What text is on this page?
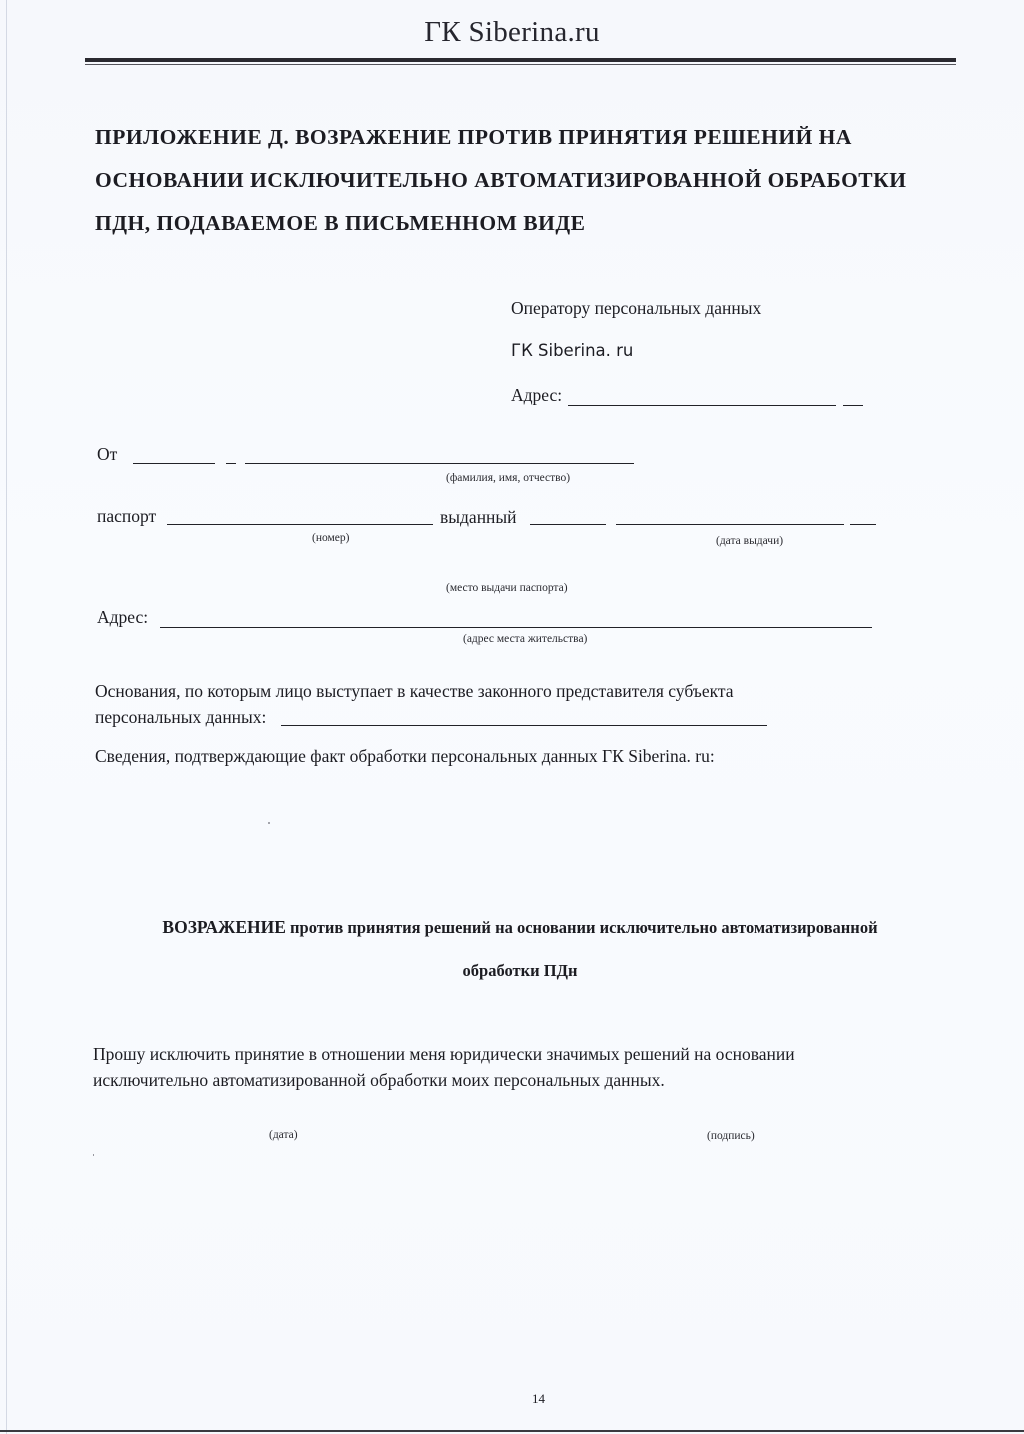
ГК Siberina.ru
ПРИЛОЖЕНИЕ Д. ВОЗРАЖЕНИЕ ПРОТИВ ПРИНЯТИЯ РЕШЕНИЙ НА
ОСНОВАНИИ ИСКЛЮЧИТЕЛЬНО АВТОМАТИЗИРОВАННОЙ ОБРАБОТКИ
ПДН, ПОДАВАЕМОЕ В ПИСЬМЕННОМ ВИДЕ
Оператору персональных данных
ГК Siberina. ru
Адрес:
От
(фамилия, имя, отчество)
паспорт	выданный
(номер)	(дата выдачи)
(место выдачи паспорта)
Адрес:
(адрес места жительства)
Основания, по которым лицо выступает в качестве законного представителя субъекта
персональных данных:
Сведения, подтверждающие факт обработки персональных данных ГК Siberina. ru:
ВОЗРАЖЕНИЕ против принятия решений на основании исключительно автоматизированной
обработки ПДн
Прошу исключить принятие в отношении меня юридически значимых решений на основании
исключительно автоматизированной обработки моих персональных данных.
(дата)	(подпись)
14
